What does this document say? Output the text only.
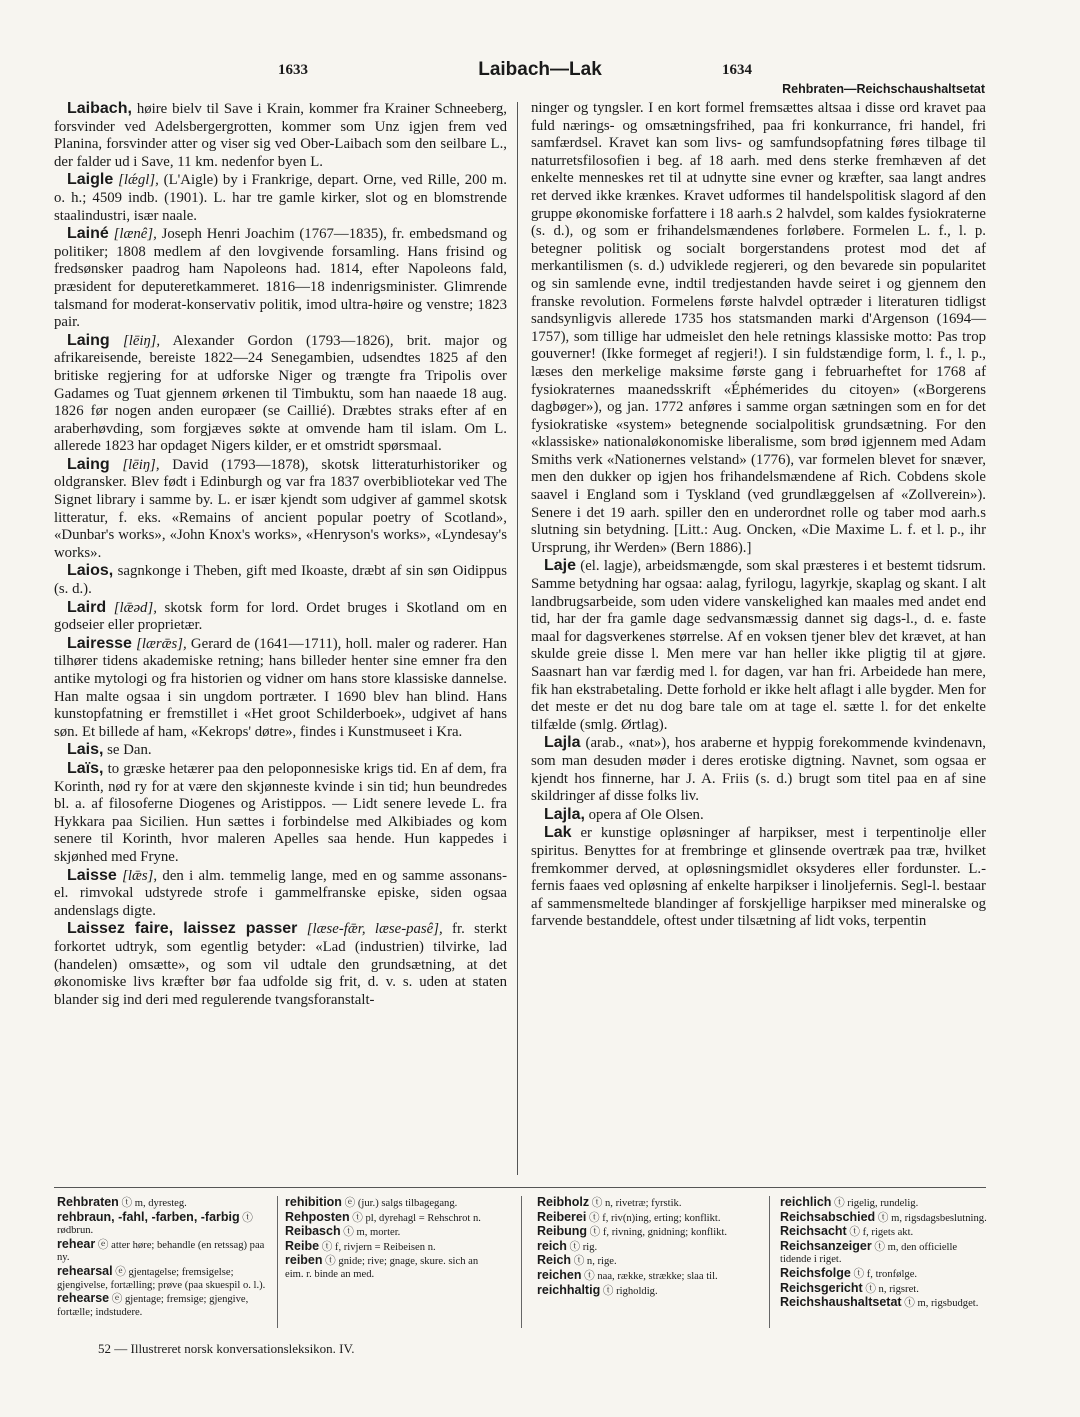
1633	Laibach—Lak	1634
Rehbraten—Reichschaushaltsetat

Laibach, høire bielv til Save i Krain, kommer fra Krainer Schneeberg, forsvinder ved Adelsbergergrotten, kommer som Unz igjen frem ved Planina, forsvinder atter og viser sig ved Ober-Laibach som den seilbare L., der falder ud i Save, 11 km. nedenfor byen L.

Laigle [lǽgl], (L'Aigle) by i Frankrige, depart. Orne, ved Rille, 200 m. o. h.; 4509 indb. (1901). L. har tre gamle kirker, slot og en blomstrende staalindustri, især naale.

Lainé [lænê], Joseph Henri Joachim (1767—1835), fr. embedsmand og politiker; 1808 medlem af den lovgivende forsamling. Hans frisind og fredsønsker paadrog ham Napoleons had. 1814, efter Napoleons fald, præsident for deputeretkammeret. 1816—18 indenrigsminister. Glimrende talsmand for moderat-konservativ politik, imod ultra-høire og venstre; 1823 pair.

Laing [lēiŋ], Alexander Gordon (1793—1826), brit. major og afrikareisende, bereiste 1822—24 Senegambien, udsendtes 1825 af den britiske regjering for at udforske Niger og trængte fra Tripolis over Gadames og Tuat gjennem ørkenen til Timbuktu, som han naaede 18 aug. 1826 før nogen anden europæer (se Caillié). Dræbtes straks efter af en araberhøvding, som forgjæves søkte at omvende ham til islam. Om L. allerede 1823 har opdaget Nigers kilder, er et omstridt spørsmaal.

Laing [lēiŋ], David (1793—1878), skotsk litteraturhistoriker og oldgransker. Blev født i Edinburgh og var fra 1837 overbibliotekar ved The Signet library i samme by. L. er især kjendt som udgiver af gammel skotsk litteratur, f. eks. «Remains of ancient popular poetry of Scotland», «Dunbar's works», «John Knox's works», «Henryson's works», «Lyndesay's works».

Laios, sagnkonge i Theben, gift med Ikoaste, dræbt af sin søn Oidippus (s. d.).

Laird [lǣəd], skotsk form for lord. Ordet bruges i Skotland om en godseier eller proprietær.

Lairesse [lærǣs], Gerard de (1641—1711), holl. maler og raderer. Han tilhører tidens akademiske retning; hans billeder henter sine emner fra den antike mytologi og fra historien og vidner om hans store klassiske dannelse. Han malte ogsaa i sin ungdom portræter. I 1690 blev han blind. Hans kunstopfatning er fremstillet i «Het groot Schilderboek», udgivet af hans søn. Et billede af ham, «Kekrops' døtre», findes i Kunstmuseet i Kra.

Lais, se Dan.

Laïs, to græske hetærer paa den peloponnesiske krigs tid. En af dem, fra Korinth, nød ry for at være den skjønneste kvinde i sin tid; hun beundredes bl. a. af filosoferne Diogenes og Aristippos. — Lidt senere levede L. fra Hykkara paa Sicilien. Hun sættes i forbindelse med Alkibiades og kom senere til Korinth, hvor maleren Apelles saa hende. Hun kappedes i skjønhed med Fryne.

Laisse [lǣs], den i alm. temmelig lange, med en og samme assonans- el. rimvokal udstyrede strofe i gammelfranske episke, siden ogsaa andenslags digte.

Laissez faire, laissez passer [læse-fǣr, læse-pasê], fr. sterkt forkortet udtryk, som egentlig betyder: «Lad (industrien) tilvirke, lad (handelen) omsætte», og som vil udtale den grundsætning, at det økonomiske livs kræfter bør faa udfolde sig frit, d. v. s. uden at staten blander sig ind deri med regulerende tvangsforanstalt-

ninger og tyngsler. I en kort formel fremsættes altsaa i disse ord kravet paa fuld nærings- og omsætningsfrihed, paa fri konkurrance, fri handel, fri samfærdsel. Kravet kan som livs- og samfundsopfatning føres tilbage til naturretsfilosofien i beg. af 18 aarh. med dens sterke fremhæven af det enkelte menneskes ret til at udnytte sine evner og kræfter, saa langt andres ret derved ikke krænkes. Kravet udformes til handelspolitisk slagord af den gruppe økonomiske forfattere i 18 aarh.s 2 halvdel, som kaldes fysiokraterne (s. d.), og som er frihandelsmændenes forløbere. Formelen L. f., l. p. betegner politisk og socialt borgerstandens protest mod det af merkantilismen (s. d.) udviklede regjereri, og den bevarede sin popularitet og sin samlende evne, indtil tredjestanden havde seiret i og gjennem den franske revolution. Formelens første halvdel optræder i literaturen tidligst sandsynligvis allerede 1735 hos statsmanden marki d'Argenson (1694—1757), som tillige har udmeislet den hele retnings klassiske motto: Pas trop gouverner! (Ikke formeget af regjeri!). I sin fuldstændige form, l. f., l. p., læses den merkelige maksime første gang i februarheftet for 1768 af fysiokraternes maanedsskrift «Éphémerides du citoyen» («Borgerens dagbøger»), og jan. 1772 anføres i samme organ sætningen som en for det fysiokratiske «system» betegnende socialpolitisk grundsætning. For den «klassiske» nationaløkonomiske liberalisme, som brød igjennem med Adam Smiths verk «Nationernes velstand» (1776), var formelen blevet for snæver, men den dukker op igjen hos frihandelsmændene af Rich. Cobdens skole saavel i England som i Tyskland (ved grundlæggelsen af «Zollverein»). Senere i det 19 aarh. spiller den en underordnet rolle og taber mod aarh.s slutning sin betydning. [Litt.: Aug. Oncken, «Die Maxime L. f. et l. p., ihr Ursprung, ihr Werden» (Bern 1886).]

Laje (el. lagje), arbeidsmængde, som skal præsteres i et bestemt tidsrum. Samme betydning har ogsaa: aalag, fyrilogu, lagyrkje, skaplag og skant. I alt landbrugsarbeide, som uden videre vanskelighed kan maales med andet end tid, har der fra gamle dage sedvansmæssig dannet sig dags-l., d. e. faste maal for dagsverkenes størrelse. Af en voksen tjener blev det krævet, at han skulde greie disse l. Men mere var han heller ikke pligtig til at gjøre. Saasnart han var færdig med l. for dagen, var han fri. Arbeidede han mere, fik han ekstrabetaling. Dette forhold er ikke helt aflagt i alle bygder. Men for det meste er det nu dog bare tale om at tage el. sætte l. for det enkelte tilfælde (smlg. Ørtlag).

Lajla (arab., «nat»), hos araberne et hyppig forekommende kvindenavn, som man desuden møder i deres erotiske digtning. Navnet, som ogsaa er kjendt hos finnerne, har J. A. Friis (s. d.) brugt som titel paa en af sine skildringer af disse folks liv.

Lajla, opera af Ole Olsen.

Lak er kunstige opløsninger af harpikser, mest i terpentinolje eller spiritus. Benyttes for at frembringe et glinsende overtræk paa træ, hvilket fremkommer derved, at opløsningsmidlet oksyderes eller fordunster. L.-fernis faaes ved opløsning af enkelte harpikser i linoljefernis. Segl-l. bestaar af sammensmeltede blandinger af forskjellige harpikser med mineralske og farvende bestanddele, oftest under tilsætning af lidt voks, terpentin

Rehbraten ⓣ m, dyresteg.

rehbraun, -fahl, -farben, -farbig ⓣ rødbrun.

rehear ⓔ atter høre; behandle (en retssag) paa ny.

rehearsal ⓔ gjentagelse; fremsigelse; gjengivelse, fortælling; prøve (paa skuespil o. l.).

rehearse ⓔ gjentage; fremsige; gjengive, fortælle; indstudere.

rehibition ⓔ (jur.) salgs tilbagegang.

Rehposten ⓣ pl, dyrehagl = Rehschrot n.

Reibasch ⓣ m, morter.

Reibe ⓣ f, rivjern = Reibeisen n.

reiben ⓣ gnide; rive; gnage, skure. sich an eim. r. binde an med.

Reibholz ⓣ n, rivetræ; fyrstik.

Reiberei ⓣ f, riv(n)ing, erting; konflikt.

Reibung ⓣ f, rivning, gnidning; konflikt.

reich ⓣ rig.

Reich ⓣ n, rige.

reichen ⓣ naa, række, strække; slaa til.

reichhaltig ⓣ righoldig.

reichlich ⓣ rigelig, rundelig.

Reichsabschied ⓣ m, rigsdagsbeslutning.

Reichsacht ⓣ f, rigets akt.

Reichsanzeiger ⓣ m, den officielle tidende i riget.

Reichsfolge ⓣ f, tronfølge.

Reichsgericht ⓣ n, rigsret.

Reichshaushaltsetat ⓣ m, rigsbudget.

52 — Illustreret norsk konversationsleksikon. IV.
